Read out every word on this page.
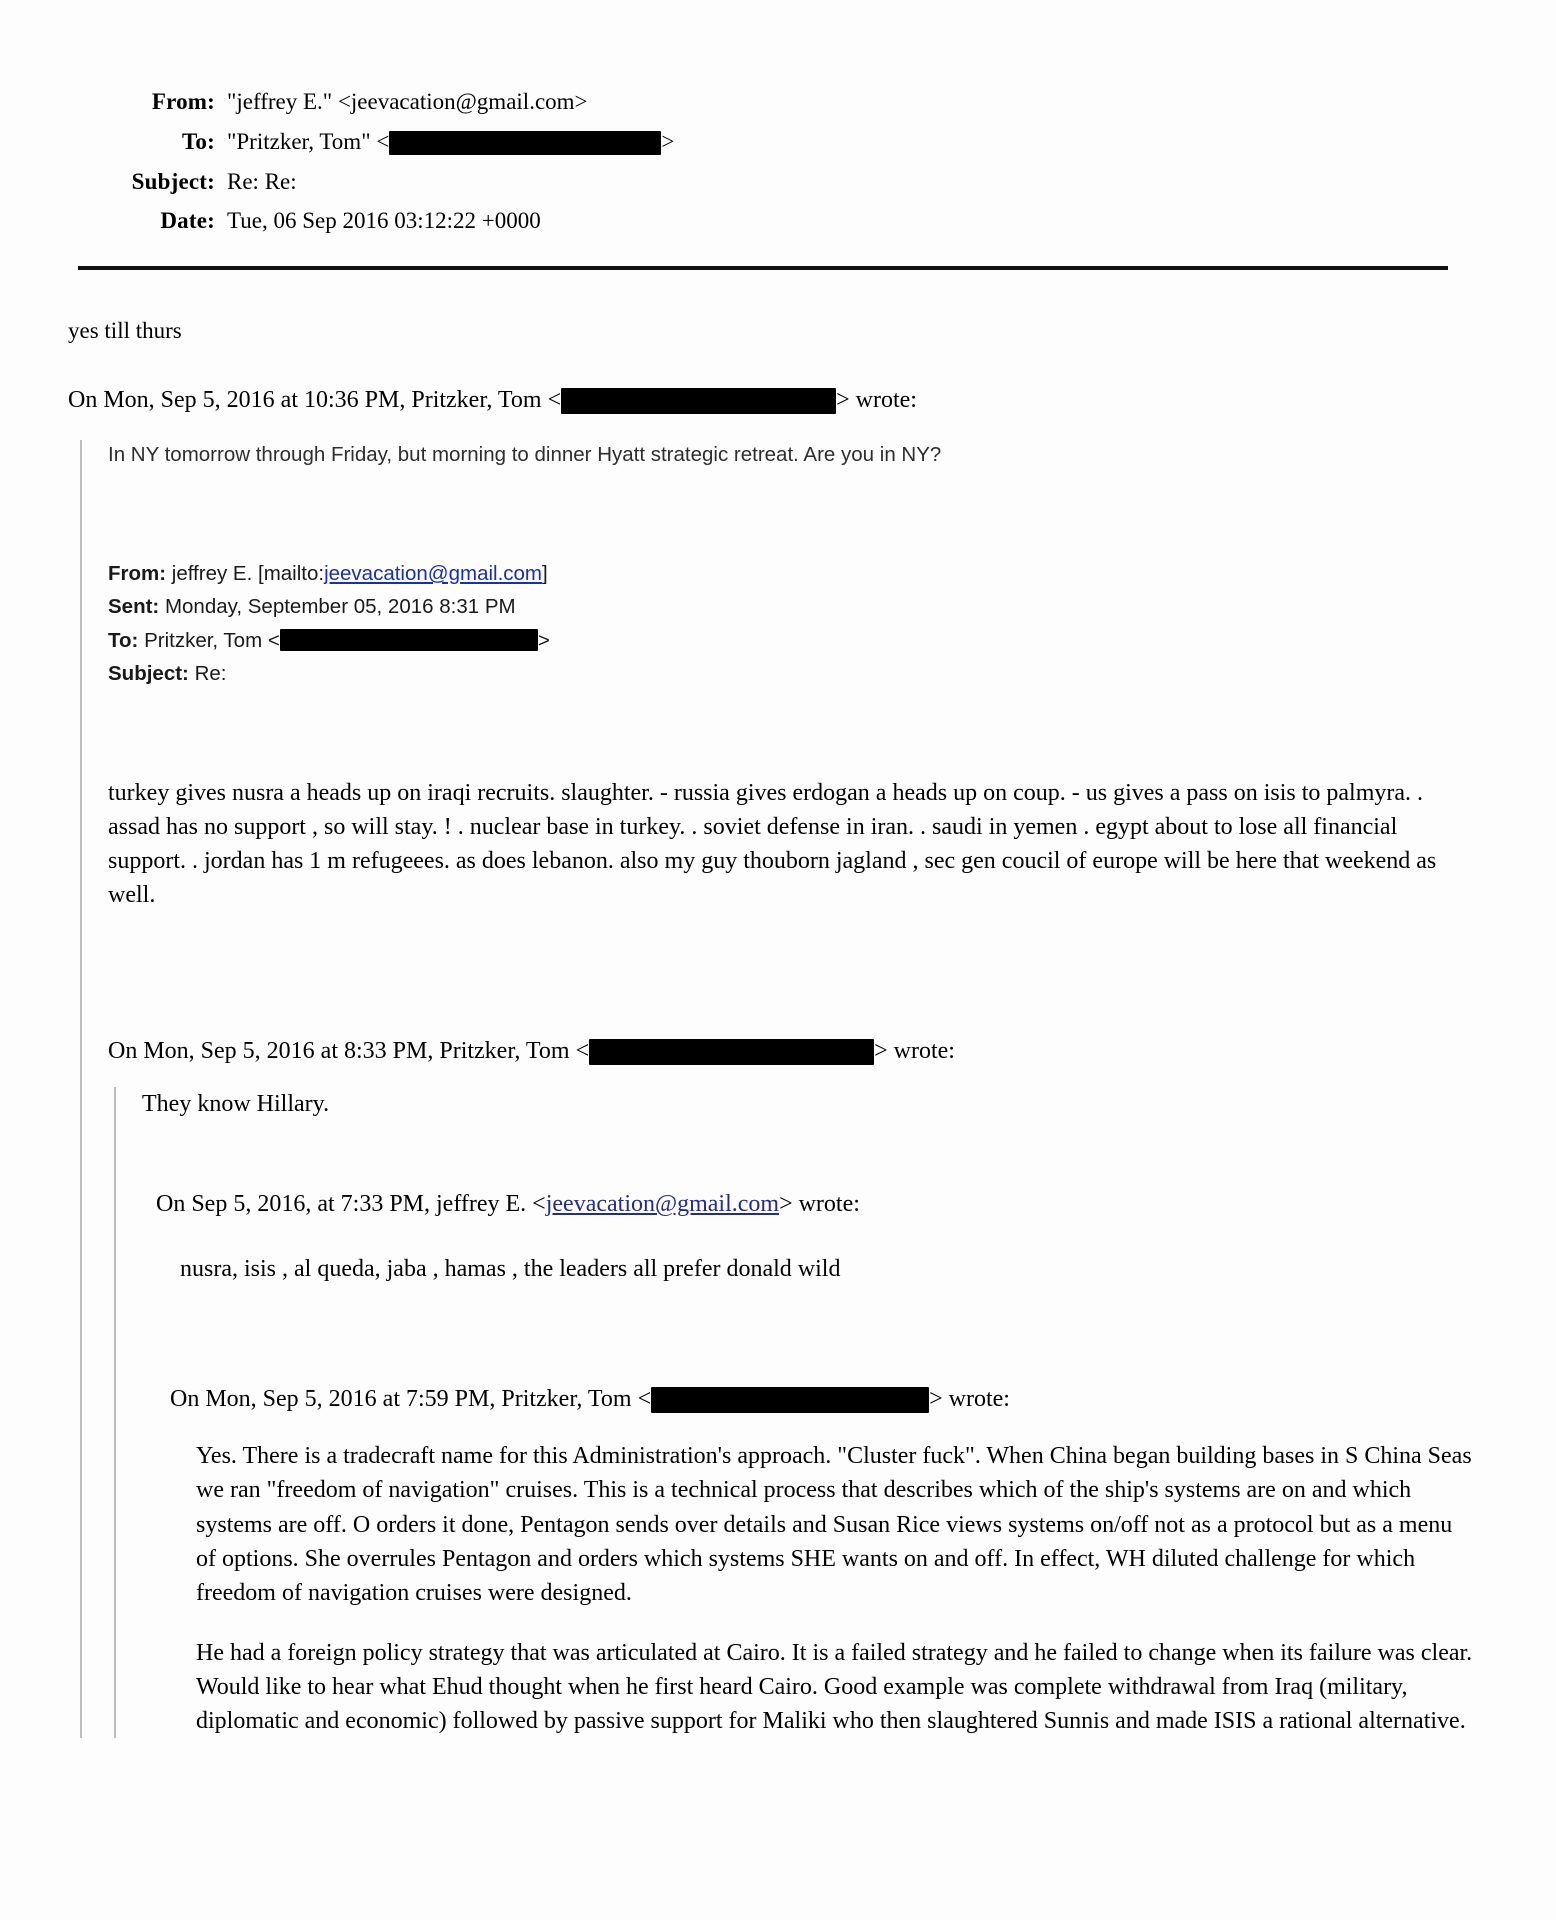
From: "jeffrey E." <jeevacation@gmail.com>
To: "Pritzker, Tom" <	>
Subject: Re: Re:
Date: Tue, 06 Sep 2016 03:12:22 +0000
yes till thurs
On Mon, Sep 5, 2016 at 10:36 PM, Pritzker, Tom <	> wrote:
In NY tomorrow through Friday, but morning to dinner Hyatt strategic retreat. Are you in NY?
From:
jeffrey E. [mailto: jeevacation@gmail.com ]
Sent:
Monday, September 05, 2016 8:31 PM
To:
Pritzker, Tom <	>
Subject:
Re:
turkey gives nusra a heads up on iraqi recruits. slaughter. - russia gives erdogan a heads up on coup. - us gives a pass on isis to palmyra. . assad has no support , so will stay. ! . nuclear base in turkey. . soviet defense in iran. . saudi in yemen . egypt about to lose all financial support. . jordan has 1 m refugeees. as does lebanon. also my guy thouborn jagland , sec gen coucil of europe will be here that weekend as well.
On Mon, Sep 5, 2016 at 8:33 PM, Pritzker, Tom <	> wrote:
They know Hillary.
On Sep 5, 2016, at 7:33 PM, jeffrey E. < jeevacation@gmail.com > wrote:
nusra, isis , al queda, jaba , hamas , the leaders all prefer donald wild
On Mon, Sep 5, 2016 at 7:59 PM, Pritzker, Tom <	> wrote:
Yes. There is a tradecraft name for this Administration's approach. "Cluster fuck". When China began building bases in S China Seas we ran "freedom of navigation" cruises. This is a technical process that describes which of the ship's systems are on and which systems are off. O orders it done, Pentagon sends over details and Susan Rice views systems on/off not as a protocol but as a menu of options. She overrules Pentagon and orders which systems SHE wants on and off. In effect, WH diluted challenge for which freedom of navigation cruises were designed.
He had a foreign policy strategy that was articulated at Cairo. It is a failed strategy and he failed to change when its failure was clear. Would like to hear what Ehud thought when he first heard Cairo. Good example was complete withdrawal from Iraq (military, diplomatic and economic) followed by passive support for Maliki who then slaughtered Sunnis and made ISIS a rational alternative.
